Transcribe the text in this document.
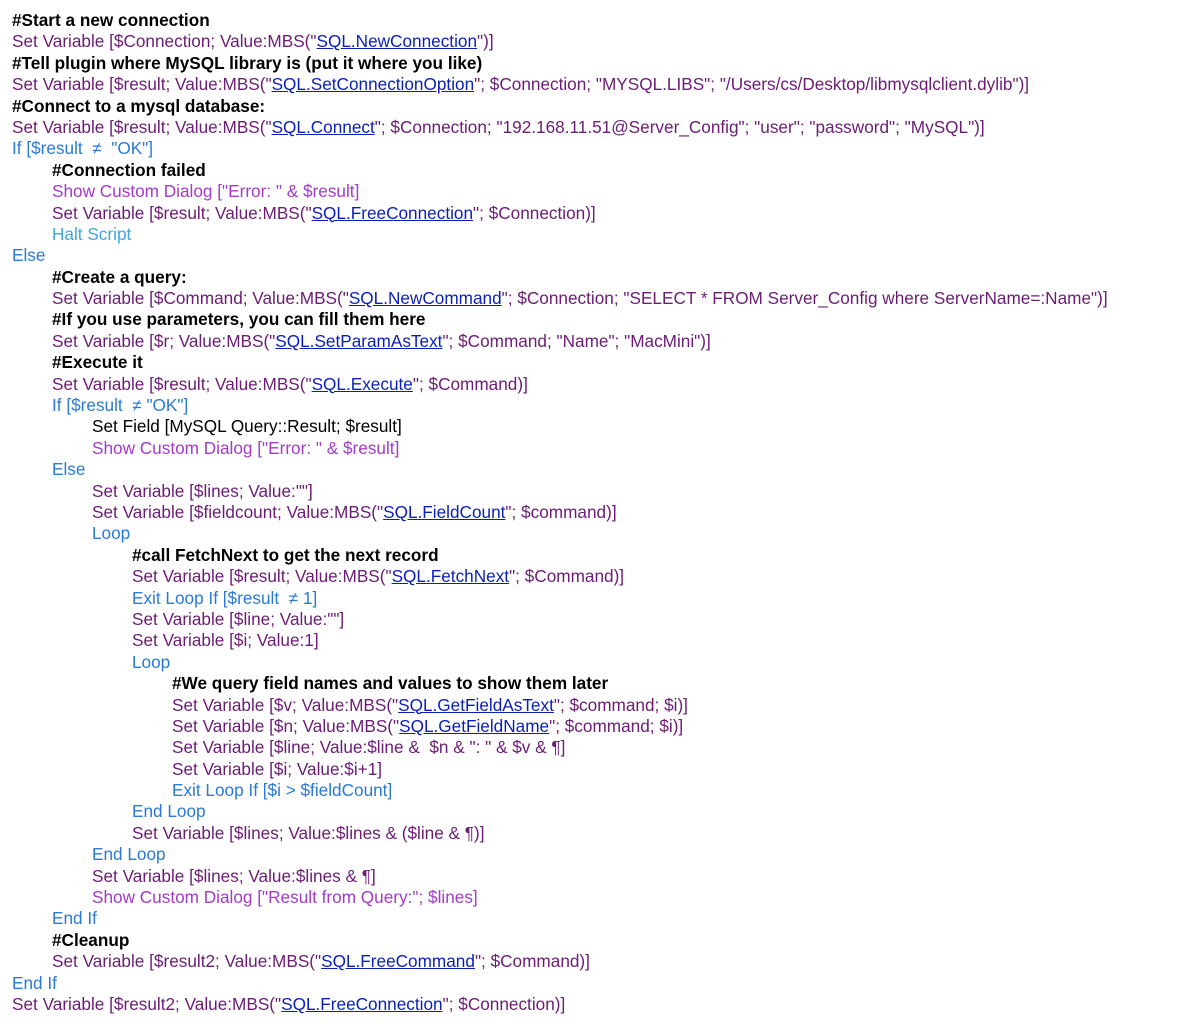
#Start a new connection
Set Variable [$Connection; Value:MBS("SQL.NewConnection")]
#Tell plugin where MySQL library is (put it where you like)
Set Variable [$result; Value:MBS("SQL.SetConnectionOption"; $Connection; "MYSQL.LIBS"; "/Users/cs/Desktop/libmysqlclient.dylib")]
#Connect to a mysql database:
Set Variable [$result; Value:MBS("SQL.Connect"; $Connection; "192.168.11.51@Server_Config"; "user"; "password"; "MySQL")]
If [$result  ≠  "OK"]
#Connection failed
Show Custom Dialog ["Error: " & $result]
Set Variable [$result; Value:MBS("SQL.FreeConnection"; $Connection)]
Halt Script
Else
#Create a query:
Set Variable [$Command; Value:MBS("SQL.NewCommand"; $Connection; "SELECT * FROM Server_Config where ServerName=:Name")]
#If you use parameters, you can fill them here
Set Variable [$r; Value:MBS("SQL.SetParamAsText"; $Command; "Name"; "MacMini")]
#Execute it
Set Variable [$result; Value:MBS("SQL.Execute"; $Command)]
If [$result  ≠ "OK"]
Set Field [MySQL Query::Result; $result]
Show Custom Dialog ["Error: " & $result]
Else
Set Variable [$lines; Value:""]
Set Variable [$fieldcount; Value:MBS("SQL.FieldCount"; $command)]
Loop
#call FetchNext to get the next record
Set Variable [$result; Value:MBS("SQL.FetchNext"; $Command)]
Exit Loop If [$result  ≠ 1]
Set Variable [$line; Value:""]
Set Variable [$i; Value:1]
Loop
#We query field names and values to show them later
Set Variable [$v; Value:MBS("SQL.GetFieldAsText"; $command; $i)]
Set Variable [$n; Value:MBS("SQL.GetFieldName"; $command; $i)]
Set Variable [$line; Value:$line &  $n & ": " & $v & ¶]
Set Variable [$i; Value:$i+1]
Exit Loop If [$i > $fieldCount]
End Loop
Set Variable [$lines; Value:$lines & ($line & ¶)]
End Loop
Set Variable [$lines; Value:$lines & ¶]
Show Custom Dialog ["Result from Query:"; $lines]
End If
#Cleanup
Set Variable [$result2; Value:MBS("SQL.FreeCommand"; $Command)]
End If
Set Variable [$result2; Value:MBS("SQL.FreeConnection"; $Connection)]
